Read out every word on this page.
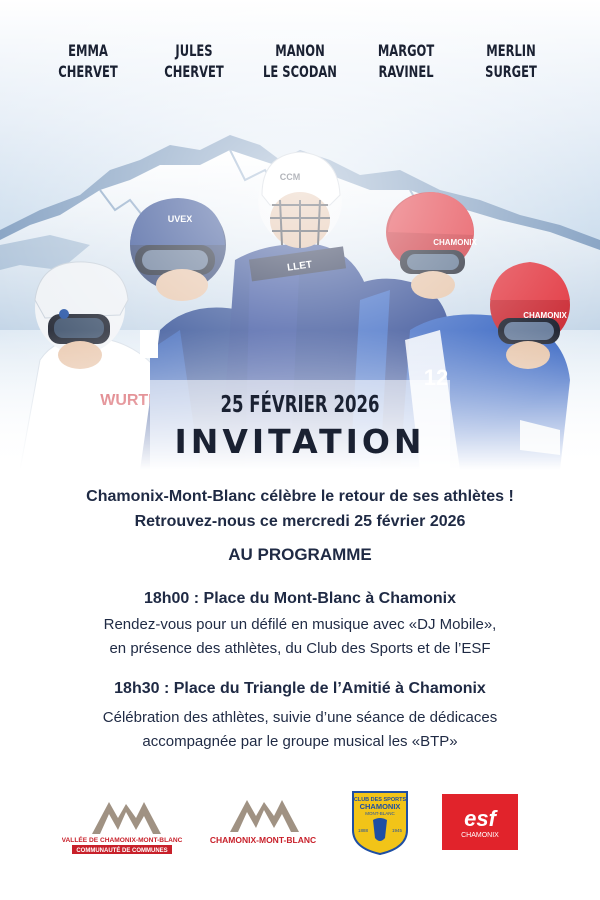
EMMA
CHERVET
JULES
CHERVET
MANON
LE SCODAN
MARGOT
RAVINEL
MERLIN
SURGET
25 FÉVRIER 2026
INVITATION
Chamonix-Mont-Blanc célèbre le retour de ses athlètes !
Retrouvez-nous ce mercredi 25 février 2026
AU PROGRAMME
18h00 : Place du Mont-Blanc à Chamonix
Rendez-vous pour un défilé en musique avec «DJ Mobile»,
en présence des athlètes, du Club des Sports et de l’ESF
18h30 : Place du Triangle de l’Amitié à Chamonix
Célébration des athlètes, suivie d’une séance de dédicaces
accompagnée par le groupe musical les «BTP»
VALLÉE DE CHAMONIX-MONT-BLANC
COMMUNAUTÉ DE COMMUNES
CHAMONIX-MONT-BLANC
CLUB DES SPORTS
CHAMONIX
MONT-BLANC
1888	1945	esf
CHAMONIX
